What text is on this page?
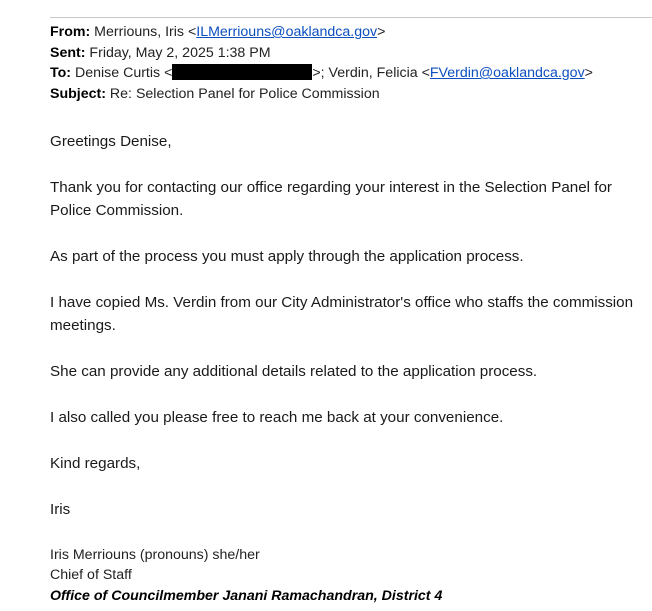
From: Merriouns, Iris <ILMerriouns@oaklandca.gov>
Sent: Friday, May 2, 2025 1:38 PM
To: Denise Curtis <	>; Verdin, Felicia <FVerdin@oaklandca.gov>
Subject: Re: Selection Panel for Police Commission

Greetings Denise,

Thank you for contacting our office regarding your interest in the Selection Panel for Police Commission.

As part of the process you must apply through the application process.

I have copied Ms. Verdin from our City Administrator's office who staffs the commission meetings.

She can provide any additional details related to the application process.

I also called you please free to reach me back at your convenience.

Kind regards,

Iris

Iris Merriouns (pronouns) she/her
Chief of Staff
Office of Councilmember Janani Ramachandran, District 4
